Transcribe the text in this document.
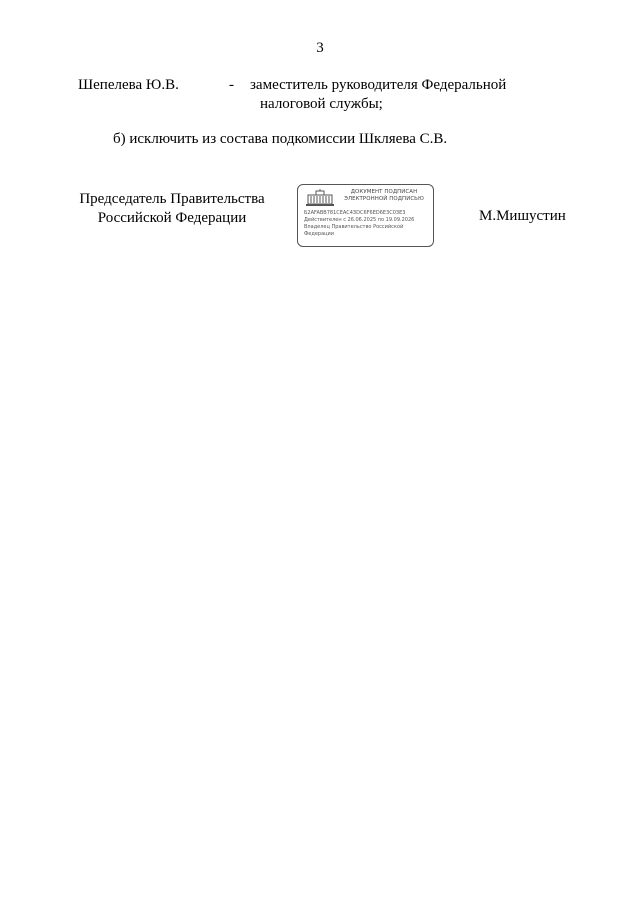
3
Шепелева Ю.В.	- заместитель руководителя Федеральной
налоговой службы;
б) исключить из состава подкомиссии Шкляева С.В.
Председатель Правительства
Российской Федерации
ДОКУМЕНТ ПОДПИСАН
ЭЛЕКТРОННОЙ ПОДПИСЬЮ
Б2AFABB781CEAC4ЗDC6F6ED6Е3C0ЗE3
Действителен с 26.06.2025 по 19.09.2026
Владелец Правительство Российской
Федерации
М.Мишустин
